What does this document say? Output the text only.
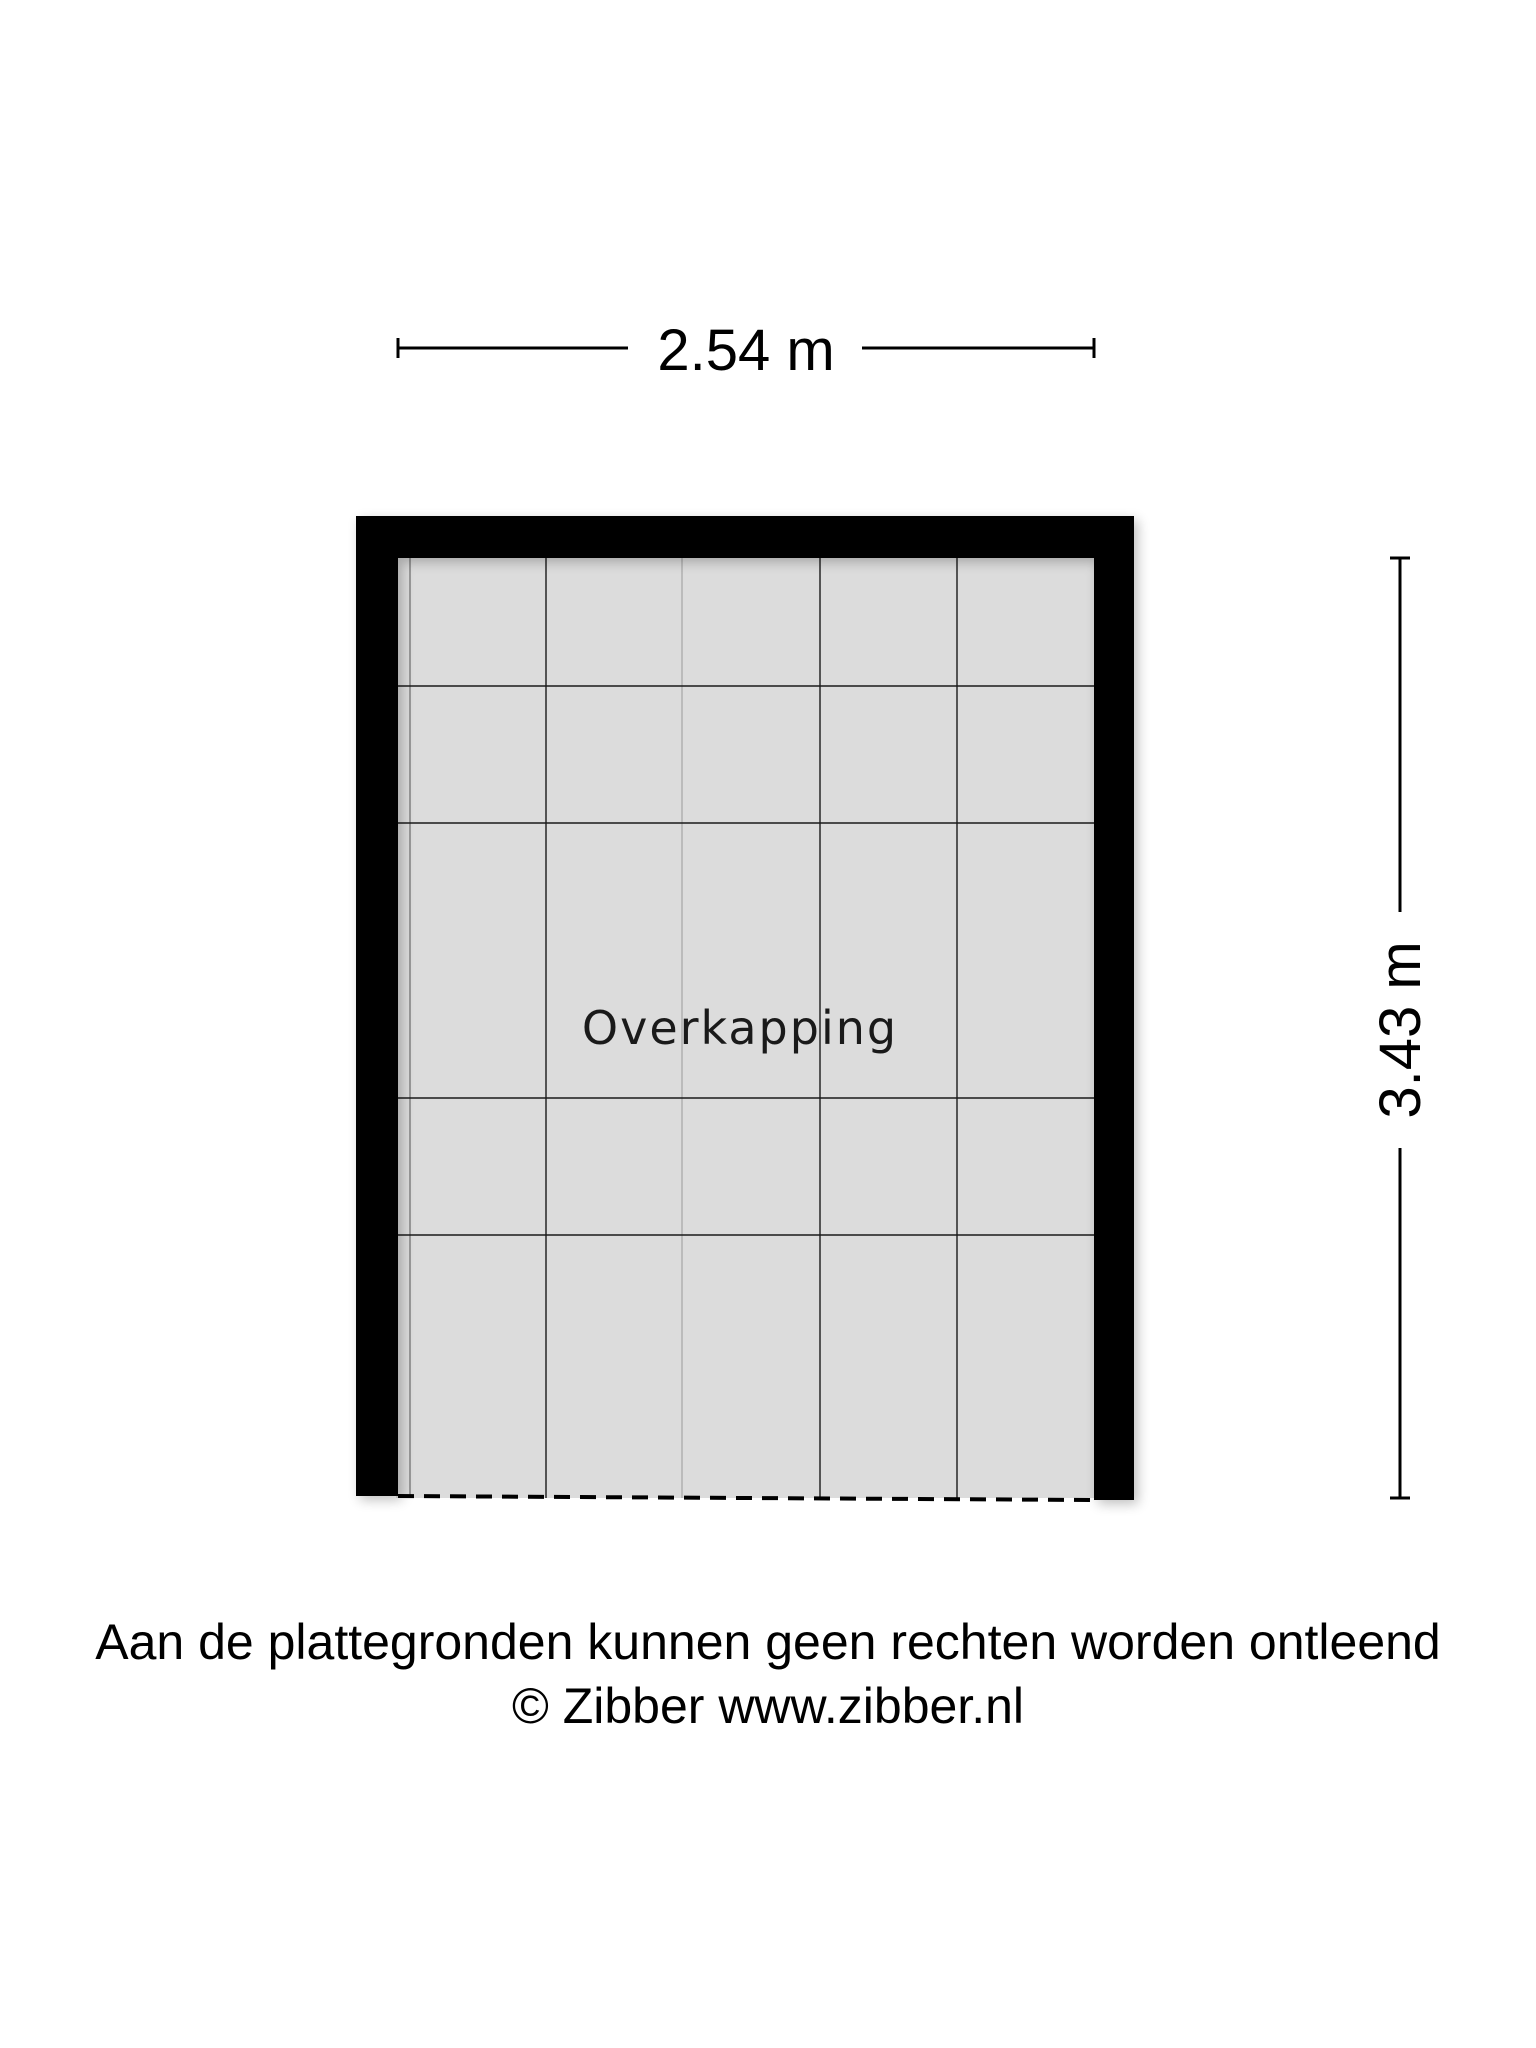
2.54 m
3.43 m
Overkapping
Aan de plattegronden kunnen geen rechten worden ontleend
© Zibber www.zibber.nl
